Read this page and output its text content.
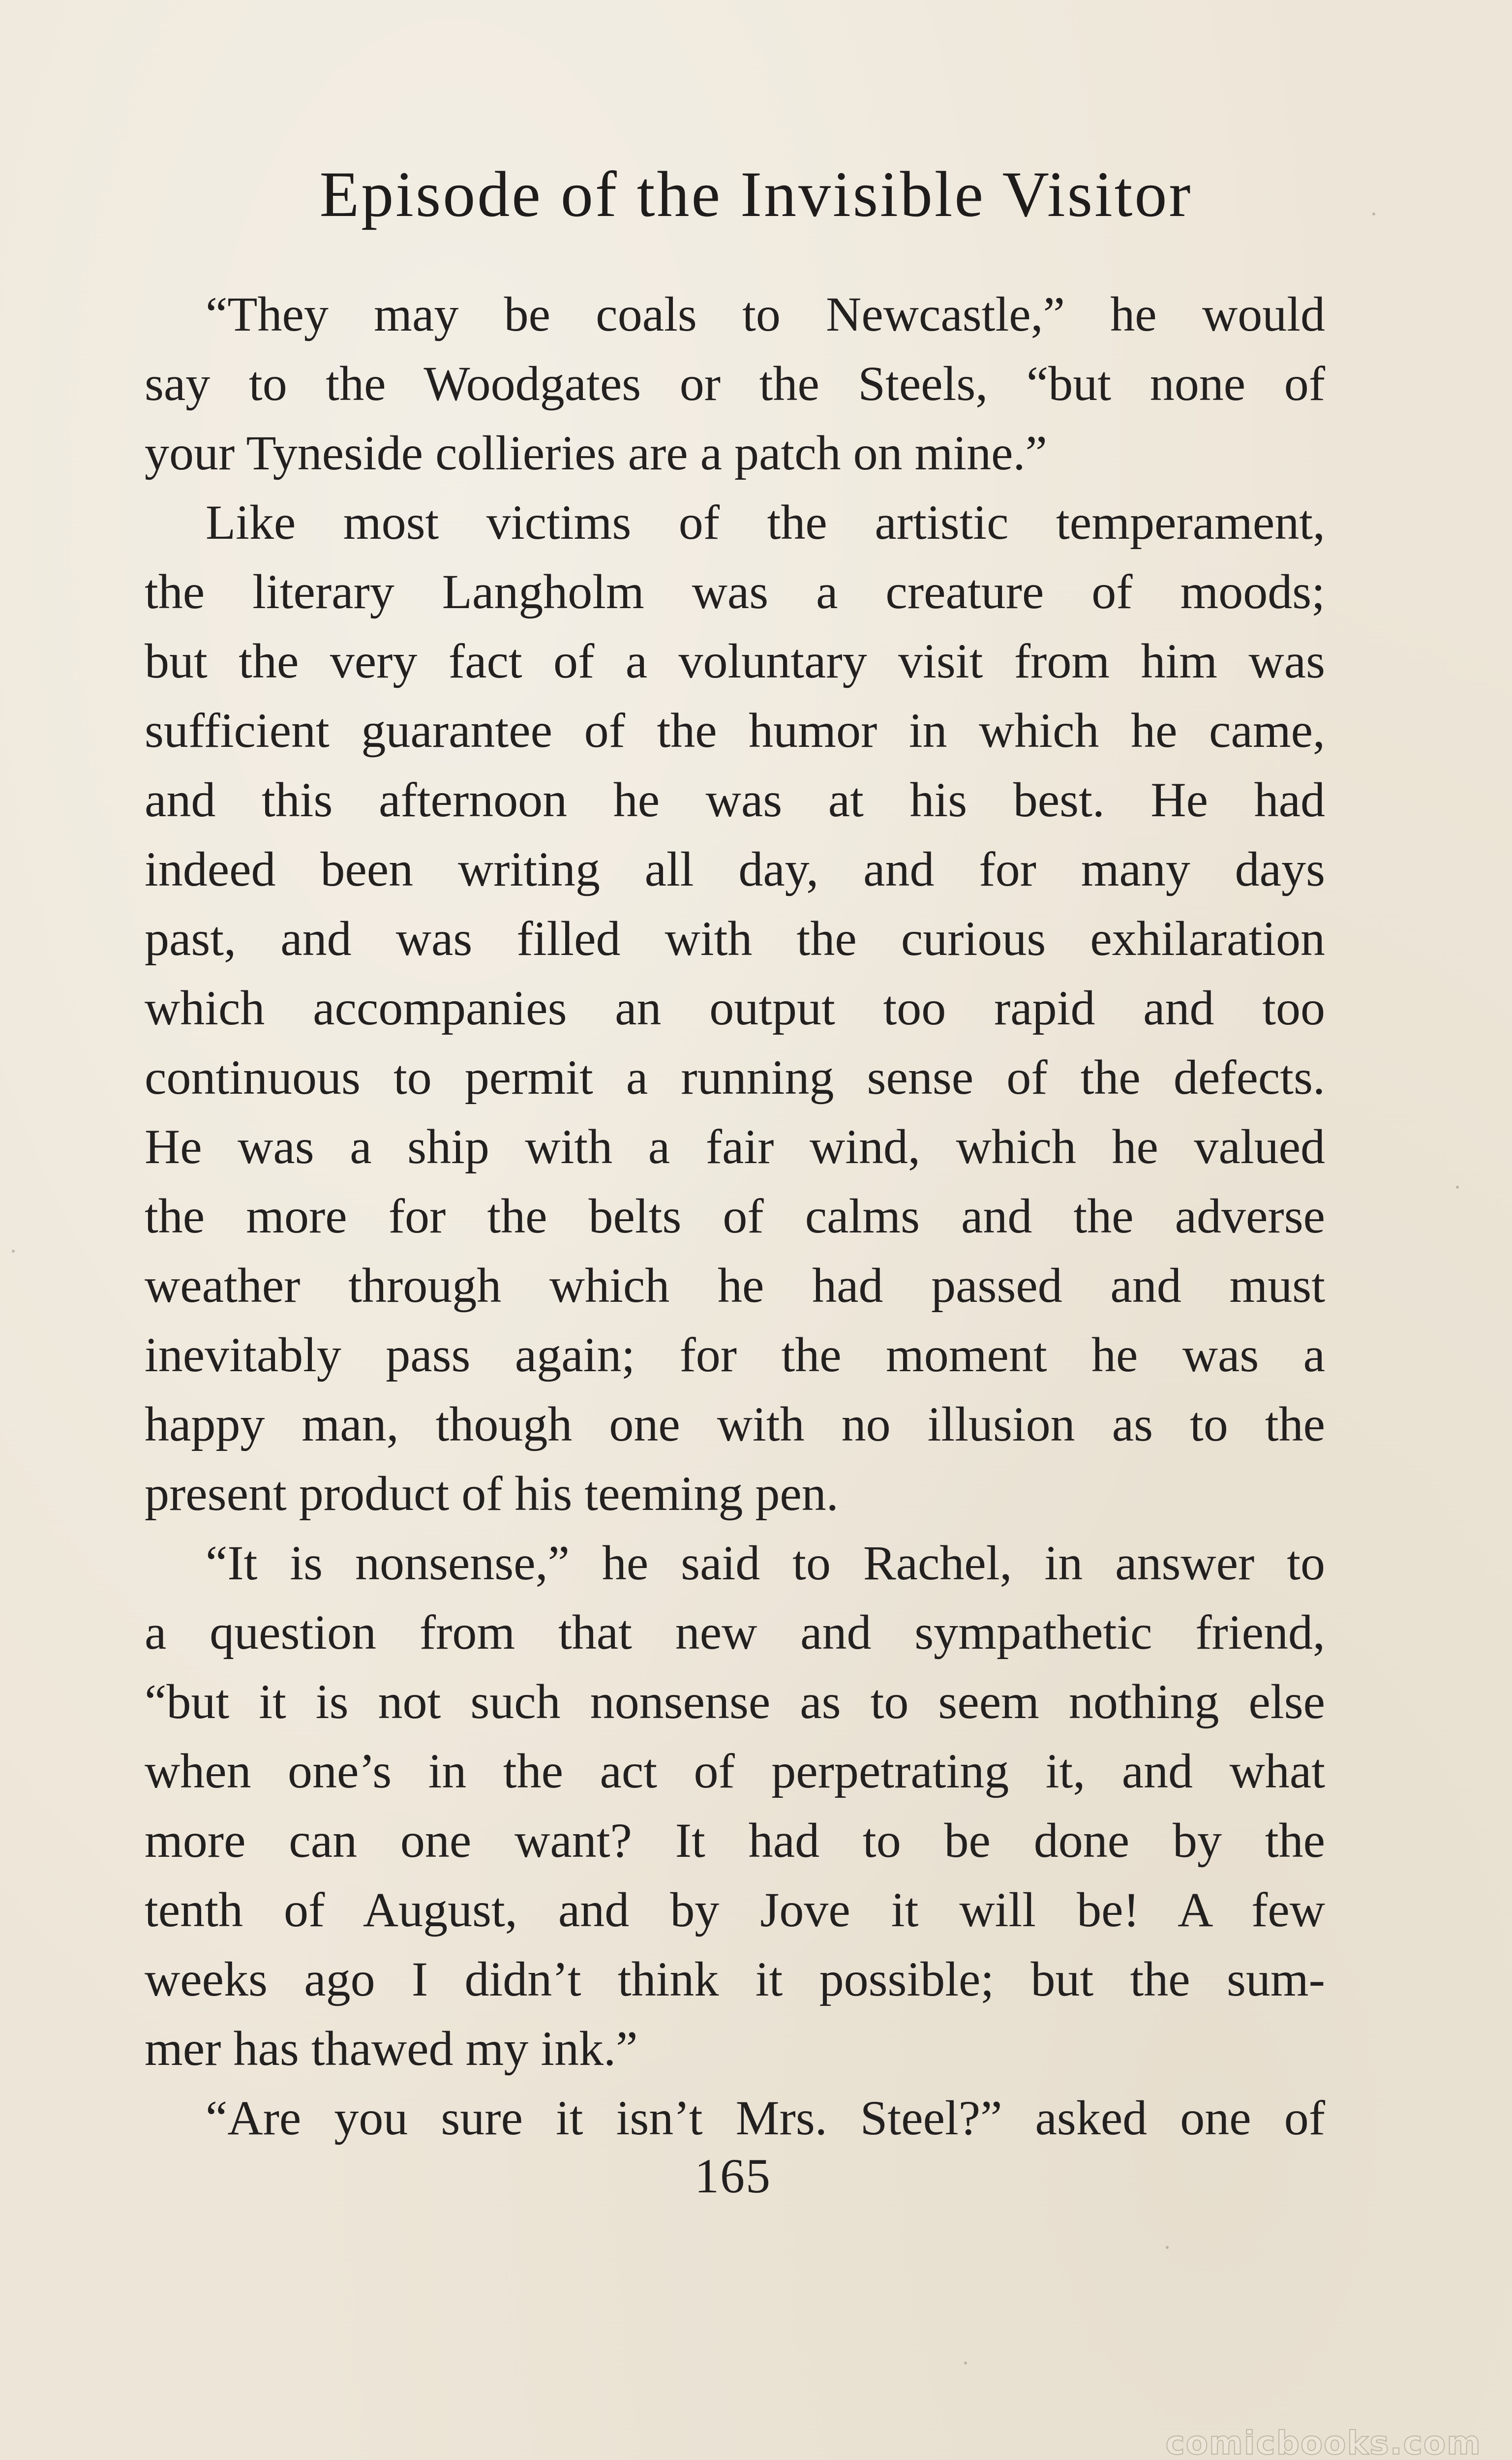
Episode of the Invisible Visitor
“They may be coals to Newcastle,” he would
say to the Woodgates or the Steels, “but none of
your Tyneside collieries are a patch on mine.”
Like most victims of the artistic temperament,
the literary Langholm was a creature of moods;
but the very fact of a voluntary visit from him was
sufficient guarantee of the humor in which he came,
and this afternoon he was at his best. He had
indeed been writing all day, and for many days
past, and was filled with the curious exhilaration
which accompanies an output too rapid and too
continuous to permit a running sense of the defects.
He was a ship with a fair wind, which he valued
the more for the belts of calms and the adverse
weather through which he had passed and must
inevitably pass again; for the moment he was a
happy man, though one with no illusion as to the
present product of his teeming pen.
“It is nonsense,” he said to Rachel, in answer to
a question from that new and sympathetic friend,
“but it is not such nonsense as to seem nothing else
when one’s in the act of perpetrating it, and what
more can one want? It had to be done by the
tenth of August, and by Jove it will be! A few
weeks ago I didn’t think it possible; but the sum-
mer has thawed my ink.”
“Are you sure it isn’t Mrs. Steel?” asked one of
165
comicbooks.com
